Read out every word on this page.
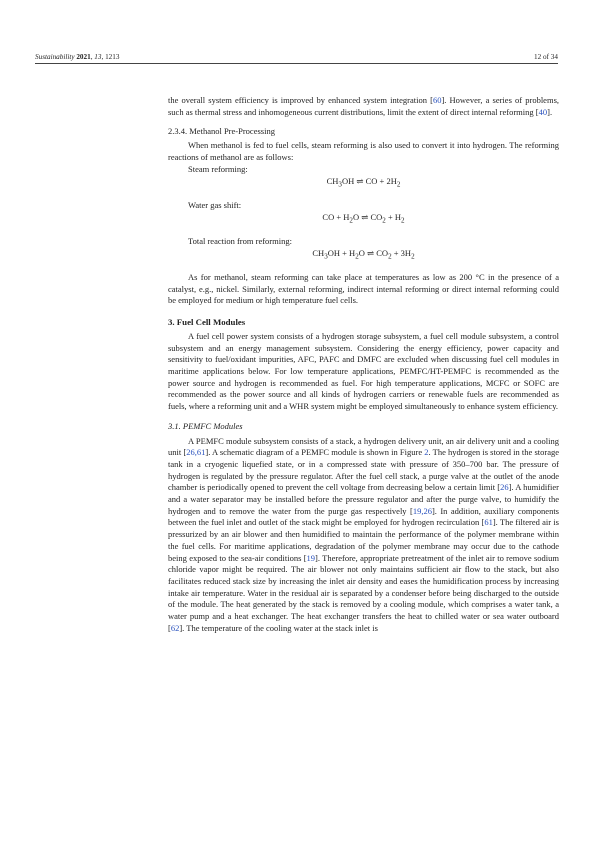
Sustainability 2021, 13, 1213	12 of 34

the overall system efficiency is improved by enhanced system integration [60]. However, a series of problems, such as thermal stress and inhomogeneous current distributions, limit the extent of direct internal reforming [40].

2.3.4. Methanol Pre-Processing

When methanol is fed to fuel cells, steam reforming is also used to convert it into hydrogen. The reforming reactions of methanol are as follows:

Steam reforming:
$CH_3OH$ ⇌ CO + $2H_2$
Water gas shift:
CO + $H_2O$ ⇌ $CO_2 + H_2$
Total reaction from reforming:
$CH_3OH + H_2O$ ⇌ $CO_2 + 3H_2$

As for methanol, steam reforming can take place at temperatures as low as 200 °C in the presence of a catalyst, e.g., nickel. Similarly, external reforming, indirect internal reforming or direct internal reforming could be employed for medium or high temperature fuel cells.

3. Fuel Cell Modules

A fuel cell power system consists of a hydrogen storage subsystem, a fuel cell module subsystem, a control subsystem and an energy management subsystem. Considering the energy efficiency, power capacity and sensitivity to fuel/oxidant impurities, AFC, PAFC and DMFC are excluded when discussing fuel cell modules in maritime applications below. For low temperature applications, PEMFC/HT-PEMFC is recommended as the power source and hydrogen is recommended as fuel. For high temperature applications, MCFC or SOFC are recommended as the power source and all kinds of hydrogen carriers or renewable fuels are recommended as fuels, where a reforming unit and a WHR system might be employed simultaneously to enhance system efficiency.

3.1. PEMFC Modules

A PEMFC module subsystem consists of a stack, a hydrogen delivery unit, an air delivery unit and a cooling unit [26,61]. A schematic diagram of a PEMFC module is shown in Figure 2. The hydrogen is stored in the storage tank in a cryogenic liquefied state, or in a compressed state with pressure of 350–700 bar. The pressure of hydrogen is regulated by the pressure regulator. After the fuel cell stack, a purge valve at the outlet of the anode chamber is periodically opened to prevent the cell voltage from decreasing below a certain limit [26]. A humidifier and a water separator may be installed before the pressure regulator and after the purge valve, to humidify the hydrogen and to remove the water from the purge gas respectively [19,26]. In addition, auxiliary components between the fuel inlet and outlet of the stack might be employed for hydrogen recirculation [61]. The filtered air is pressurized by an air blower and then humidified to maintain the performance of the polymer membrane within the fuel cells. For maritime applications, degradation of the polymer membrane may occur due to the cathode being exposed to the sea-air conditions [19]. Therefore, appropriate pretreatment of the inlet air to remove sodium chloride vapor might be required. The air blower not only maintains sufficient air flow to the stack, but also facilitates reduced stack size by increasing the inlet air density and eases the humidification process by increasing intake air temperature. Water in the residual air is separated by a condenser before being discharged to the outside of the module. The heat generated by the stack is removed by a cooling module, which comprises a water tank, a water pump and a heat exchanger. The heat exchanger transfers the heat to chilled water or sea water outboard [62]. The temperature of the cooling water at the stack inlet is
